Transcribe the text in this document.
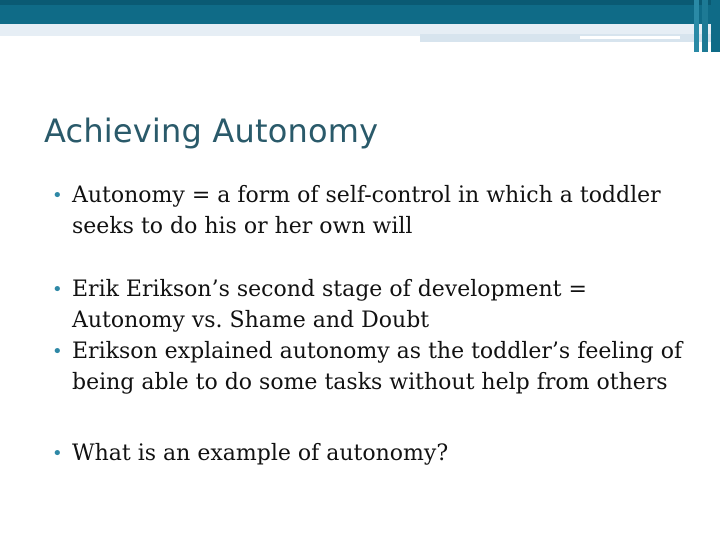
Achieving Autonomy

• Autonomy = a form of self-control in which a toddler seeks to do his or her own will

• Erik Erikson’s second stage of development = Autonomy vs. Shame and Doubt

• Erikson explained autonomy as the toddler’s feeling of being able to do some tasks without help from others

• What is an example of autonomy?
